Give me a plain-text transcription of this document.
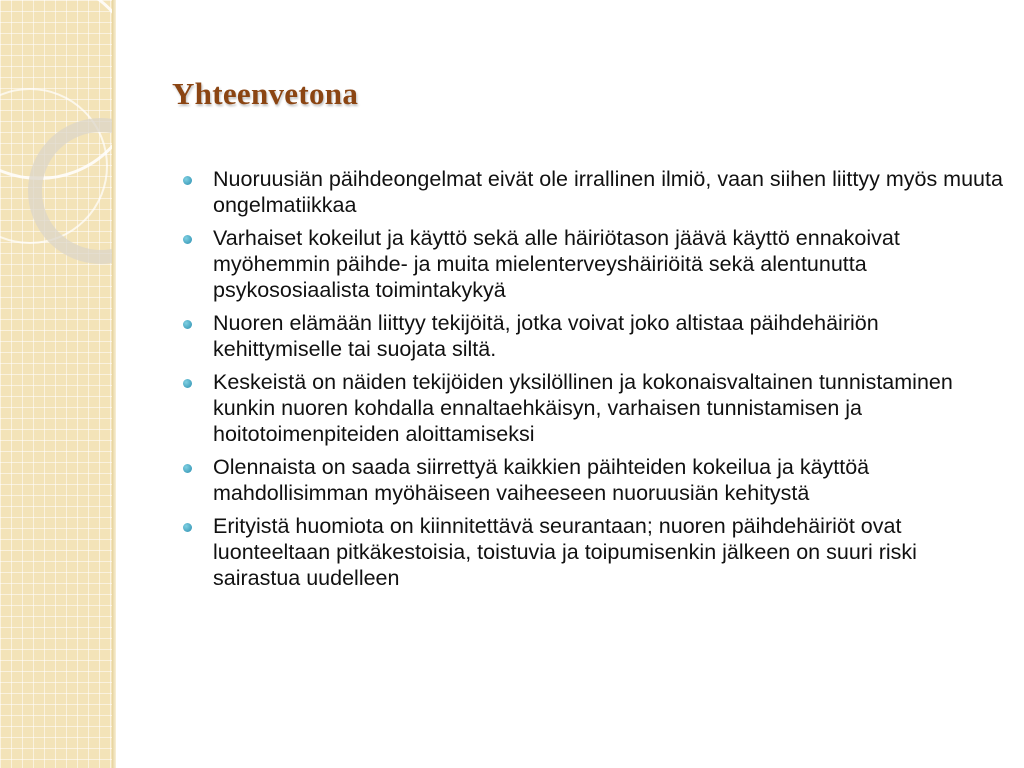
Yhteenvetona
Nuoruusiän päihdeongelmat eivät ole irrallinen ilmiö, vaan siihen liittyy myös muuta ongelmatiikkaa
Varhaiset kokeilut ja käyttö sekä alle häiriötason jäävä käyttö ennakoivat myöhemmin päihde- ja muita mielenterveyshäiriöitä sekä alentunutta psykososiaalista toimintakykyä
Nuoren elämään liittyy tekijöitä, jotka voivat joko altistaa päihdehäiriön kehittymiselle tai suojata siltä.
Keskeistä on näiden tekijöiden yksilöllinen ja kokonaisvaltainen tunnistaminen kunkin nuoren kohdalla ennaltaehkäisyn, varhaisen tunnistamisen ja hoitotoimenpiteiden aloittamiseksi
Olennaista on saada siirrettyä kaikkien päihteiden kokeilua ja käyttöä mahdollisimman myöhäiseen vaiheeseen nuoruusiän kehitystä
Erityistä huomiota on kiinnitettävä seurantaan; nuoren päihdehäiriöt ovat luonteeltaan pitkäkestoisia, toistuvia ja toipumisenkin jälkeen on suuri riski sairastua uudelleen
